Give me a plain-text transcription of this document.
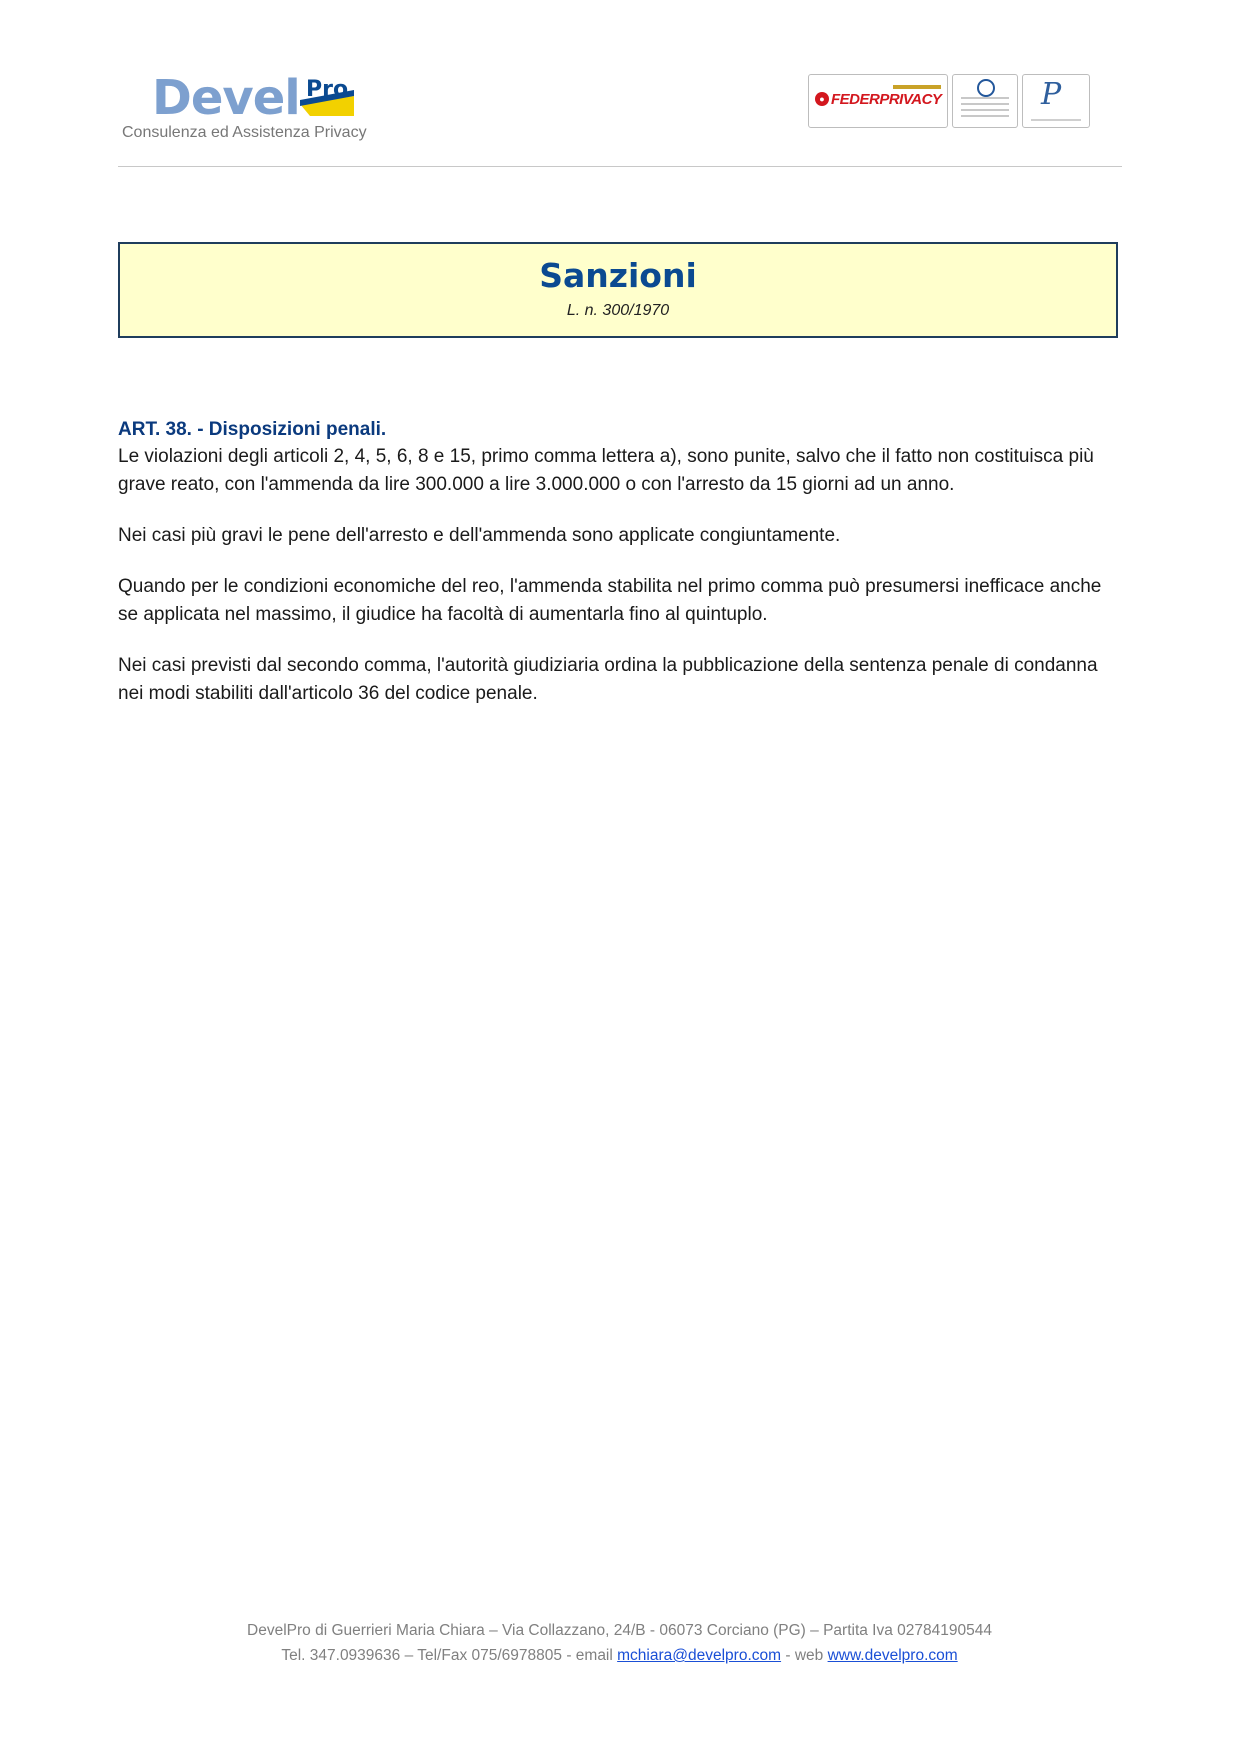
Devel Pro
Consulenza ed Assistenza Privacy
● FEDERPRIVACY	P
Sanzioni
L. n. 300/1970

ART. 38. - Disposizioni penali.

Le violazioni degli articoli 2, 4, 5, 6, 8 e 15, primo comma lettera a), sono punite, salvo che il fatto non costituisca più grave reato, con l'ammenda da lire 300.000 a lire 3.000.000 o con l'arresto da 15 giorni ad un anno.

Nei casi più gravi le pene dell'arresto e dell'ammenda sono applicate congiuntamente.

Quando per le condizioni economiche del reo, l'ammenda stabilita nel primo comma può presumersi inefficace anche se applicata nel massimo, il giudice ha facoltà di aumentarla fino al quintuplo.

Nei casi previsti dal secondo comma, l'autorità giudiziaria ordina la pubblicazione della sentenza penale di condanna nei modi stabiliti dall'articolo 36 del codice penale.

DevelPro di Guerrieri Maria Chiara – Via Collazzano, 24/B - 06073 Corciano (PG) – Partita Iva 02784190544
Tel. 347.0939636 – Tel/Fax 075/6978805 - email mchiara@develpro.com - web www.develpro.com
